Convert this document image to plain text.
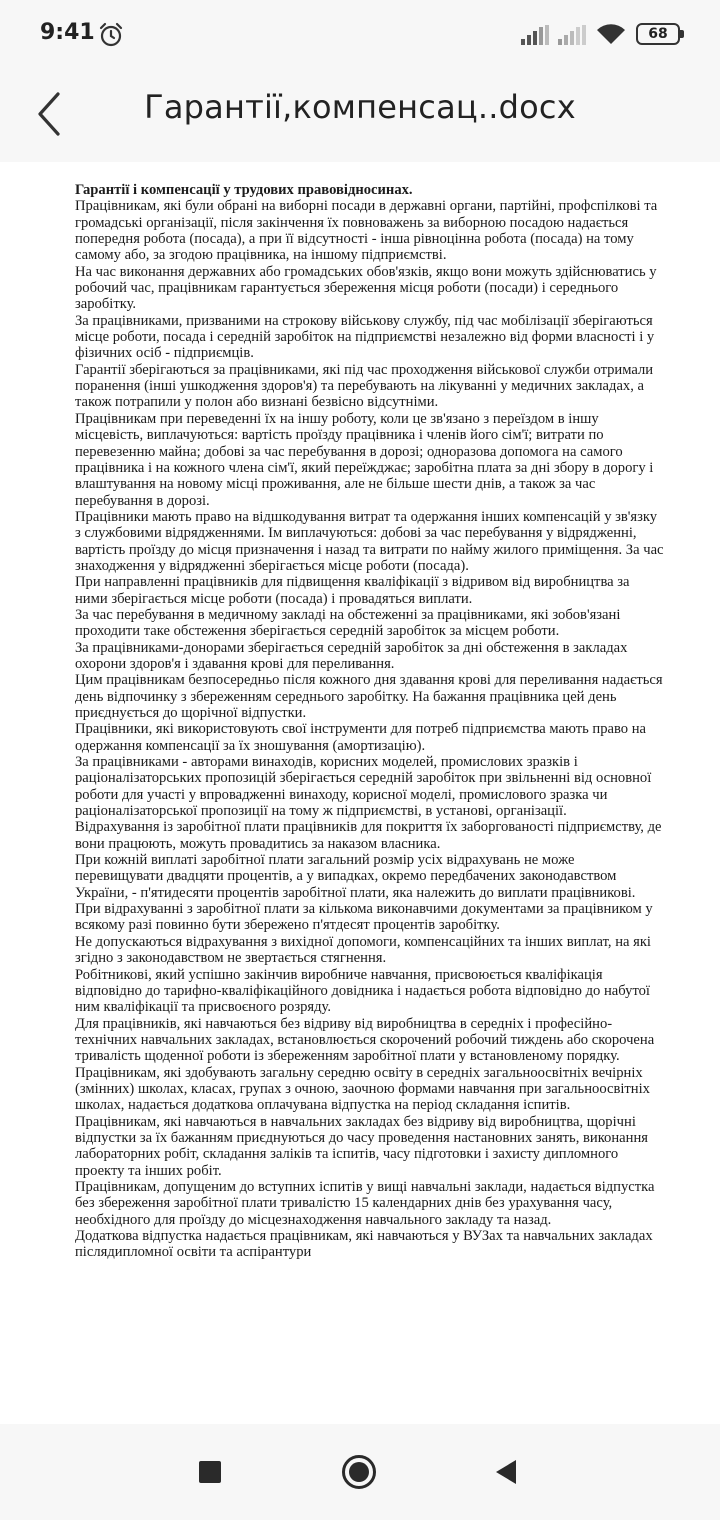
9:41	68
Гарантії,компенсац..docx

Гарантії і компенсації у трудових правовідносинах.

Працівникам, які були обрані на виборні посади в державні органи, партійні, профспілкові та громадські організації, після закінчення їх повноважень за виборною посадою надається попередня робота (посада), а при її відсутності - інша рівноцінна робота (посада) на тому самому або, за згодою працівника, на іншому підприємстві.

На час виконання державних або громадських обов'язків, якщо вони можуть здійснюватись у робочий час, працівникам гарантується збереження місця роботи (посади) і середнього заробітку.

За працівниками, призваними на строкову військову службу, під час мобілізації зберігаються місце роботи, посада і середній заробіток на підприємстві незалежно від форми власності і у фізичних осіб - підприємців.

Гарантії зберігаються за працівниками, які під час проходження військової служби отримали поранення (інші ушкодження здоров'я) та перебувають на лікуванні у медичних закладах, а також потрапили у полон або визнані безвісно відсутніми.

Працівникам при переведенні їх на іншу роботу, коли це зв'язано з переїздом в іншу місцевість, виплачуються: вартість проїзду працівника і членів його сім'ї; витрати по перевезенню майна; добові за час перебування в дорозі; одноразова допомога на самого працівника і на кожного члена сім'ї, який переїжджає; заробітна плата за дні збору в дорогу і влаштування на новому місці проживання, але не більше шести днів, а також за час перебування в дорозі.

Працівники мають право на відшкодування витрат та одержання інших компенсацій у зв'язку з службовими відрядженнями. Ім виплачуються: добові за час перебування у відрядженні, вартість проїзду до місця призначення і назад та витрати по найму жилого приміщення. За час знаходження у відрядженні зберігається місце роботи (посада).

При направленні працівників для підвищення кваліфікації з відривом від виробництва за ними зберігається місце роботи (посада) і провадяться виплати.

За час перебування в медичному закладі на обстеженні за працівниками, які зобов'язані проходити таке обстеження зберігається середній заробіток за місцем роботи.

За працівниками-донорами зберігається середній заробіток за дні обстеження в закладах охорони здоров'я і здавання крові для переливання.

Цим працівникам безпосередньо після кожного дня здавання крові для переливання надається день відпочинку з збереженням середнього заробітку. На бажання працівника цей день приєднується до щорічної відпустки.

Працівники, які використовують свої інструменти для потреб підприємства мають право на одержання компенсації за їх зношування (амортизацію).

За працівниками - авторами винаходів, корисних моделей, промислових зразків і раціоналізаторських пропозицій зберігається середній заробіток при звільненні від основної роботи для участі у впровадженні винаходу, корисної моделі, промислового зразка чи раціоналізаторської пропозиції на тому ж підприємстві, в установі, організації.

Відрахування із заробітної плати працівників для покриття їх заборгованості підприємству, де вони працюють, можуть провадитись за наказом власника.

При кожній виплаті заробітної плати загальний розмір усіх відрахувань не може перевищувати двадцяти процентів, а у випадках, окремо передбачених законодавством України, - п'ятидесяти процентів заробітної плати, яка належить до виплати працівникові.

При відрахуванні з заробітної плати за кількома виконавчими документами за працівником у всякому разі повинно бути збережено п'ятдесят процентів заробітку.

Не допускаються відрахування з вихідної допомоги, компенсаційних та інших виплат, на які згідно з законодавством не звертається стягнення.

Робітникові, який успішно закінчив виробниче навчання, присвоюється кваліфікація відповідно до тарифно-кваліфікаційного довідника і надається робота відповідно до набутої ним кваліфікації та присвоєного розряду.

Для працівників, які навчаються без відриву від виробництва в середніх і професійно-технічних навчальних закладах, встановлюється скорочений робочий тиждень або скорочена тривалість щоденної роботи із збереженням заробітної плати у встановленому порядку.

Працівникам, які здобувають загальну середню освіту в середніх загальноосвітніх вечірніх (змінних) школах, класах, групах з очною, заочною формами навчання при загальноосвітніх школах, надається додаткова оплачувана відпустка на період складання іспитів.

Працівникам, які навчаються в навчальних закладах без відриву від виробництва, щорічні відпустки за їх бажанням приєднуються до часу проведення настановних занять, виконання лабораторних робіт, складання заліків та іспитів, часу підготовки і захисту дипломного проекту та інших робіт.

Працівникам, допущеним до вступних іспитів у вищі навчальні заклади, надається відпустка без збереження заробітної плати тривалістю 15 календарних днів без урахування часу, необхідного для проїзду до місцезнаходження навчального закладу та назад.

Додаткова відпустка надається працівникам, які навчаються у ВУЗах та навчальних закладах післядипломної освіти та аспірантури
